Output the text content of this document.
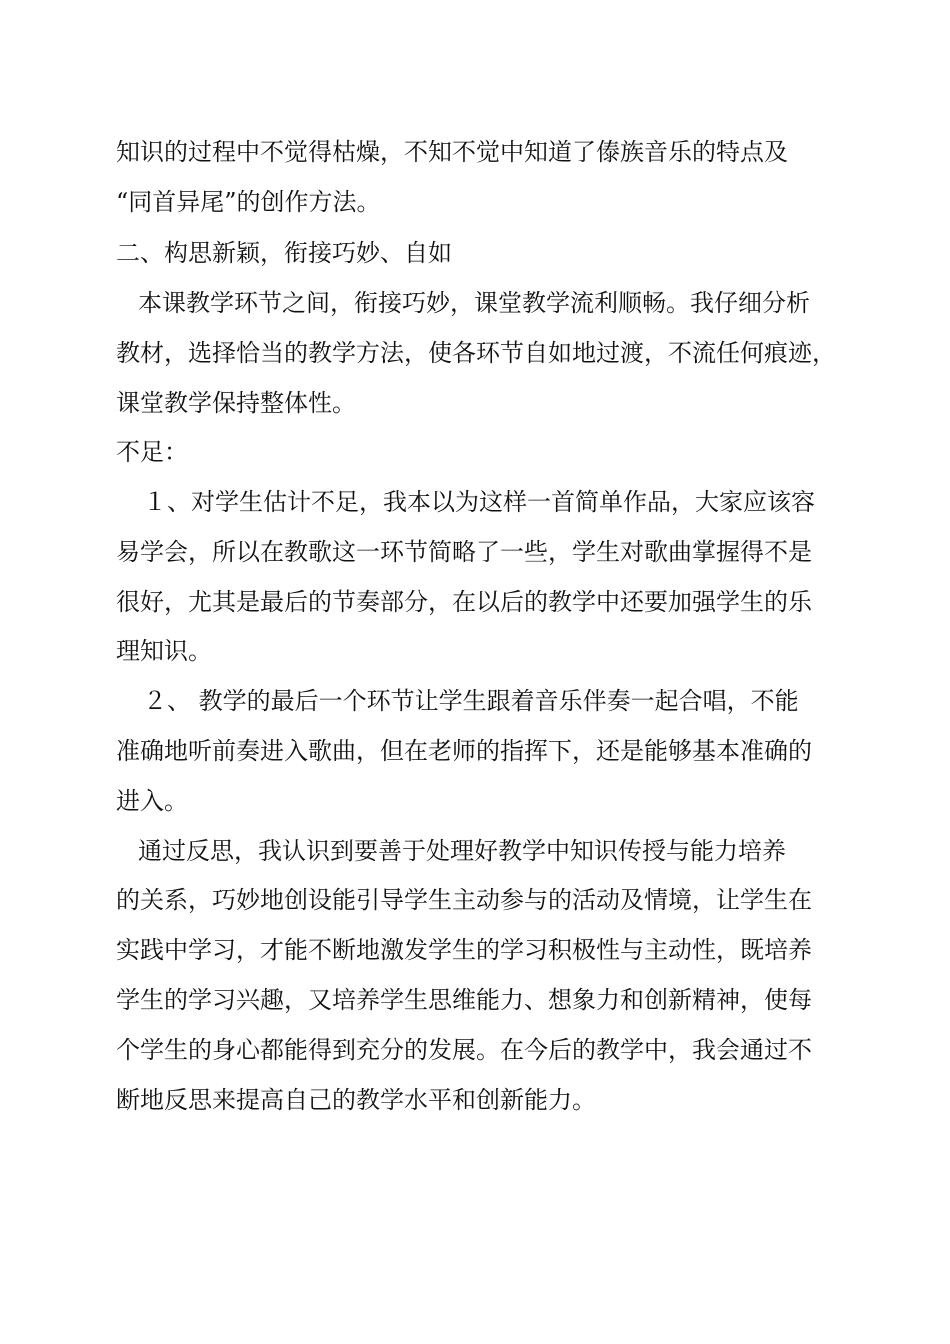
知识的过程中不觉得枯燥，不知不觉中知道了傣族音乐的特点及
“同首异尾”的创作方法。
二、构思新颖，衔接巧妙、自如
本课教学环节之间，衔接巧妙，课堂教学流利顺畅。我仔细分析
教材，选择恰当的教学方法，使各环节自如地过渡，不流任何痕迹，
课堂教学保持整体性。
不足：
１、对学生估计不足，我本以为这样一首简单作品，大家应该容
易学会，所以在教歌这一环节简略了一些，学生对歌曲掌握得不是
很好，尤其是最后的节奏部分，在以后的教学中还要加强学生的乐
理知识。
２、 教学的最后一个环节让学生跟着音乐伴奏一起合唱，不能
准确地听前奏进入歌曲，但在老师的指挥下，还是能够基本准确的
进入。
通过反思，我认识到要善于处理好教学中知识传授与能力培养
的关系，巧妙地创设能引导学生主动参与的活动及情境，让学生在
实践中学习，才能不断地激发学生的学习积极性与主动性，既培养
学生的学习兴趣，又培养学生思维能力、想象力和创新精神，使每
个学生的身心都能得到充分的发展。在今后的教学中，我会通过不
断地反思来提高自己的教学水平和创新能力。
